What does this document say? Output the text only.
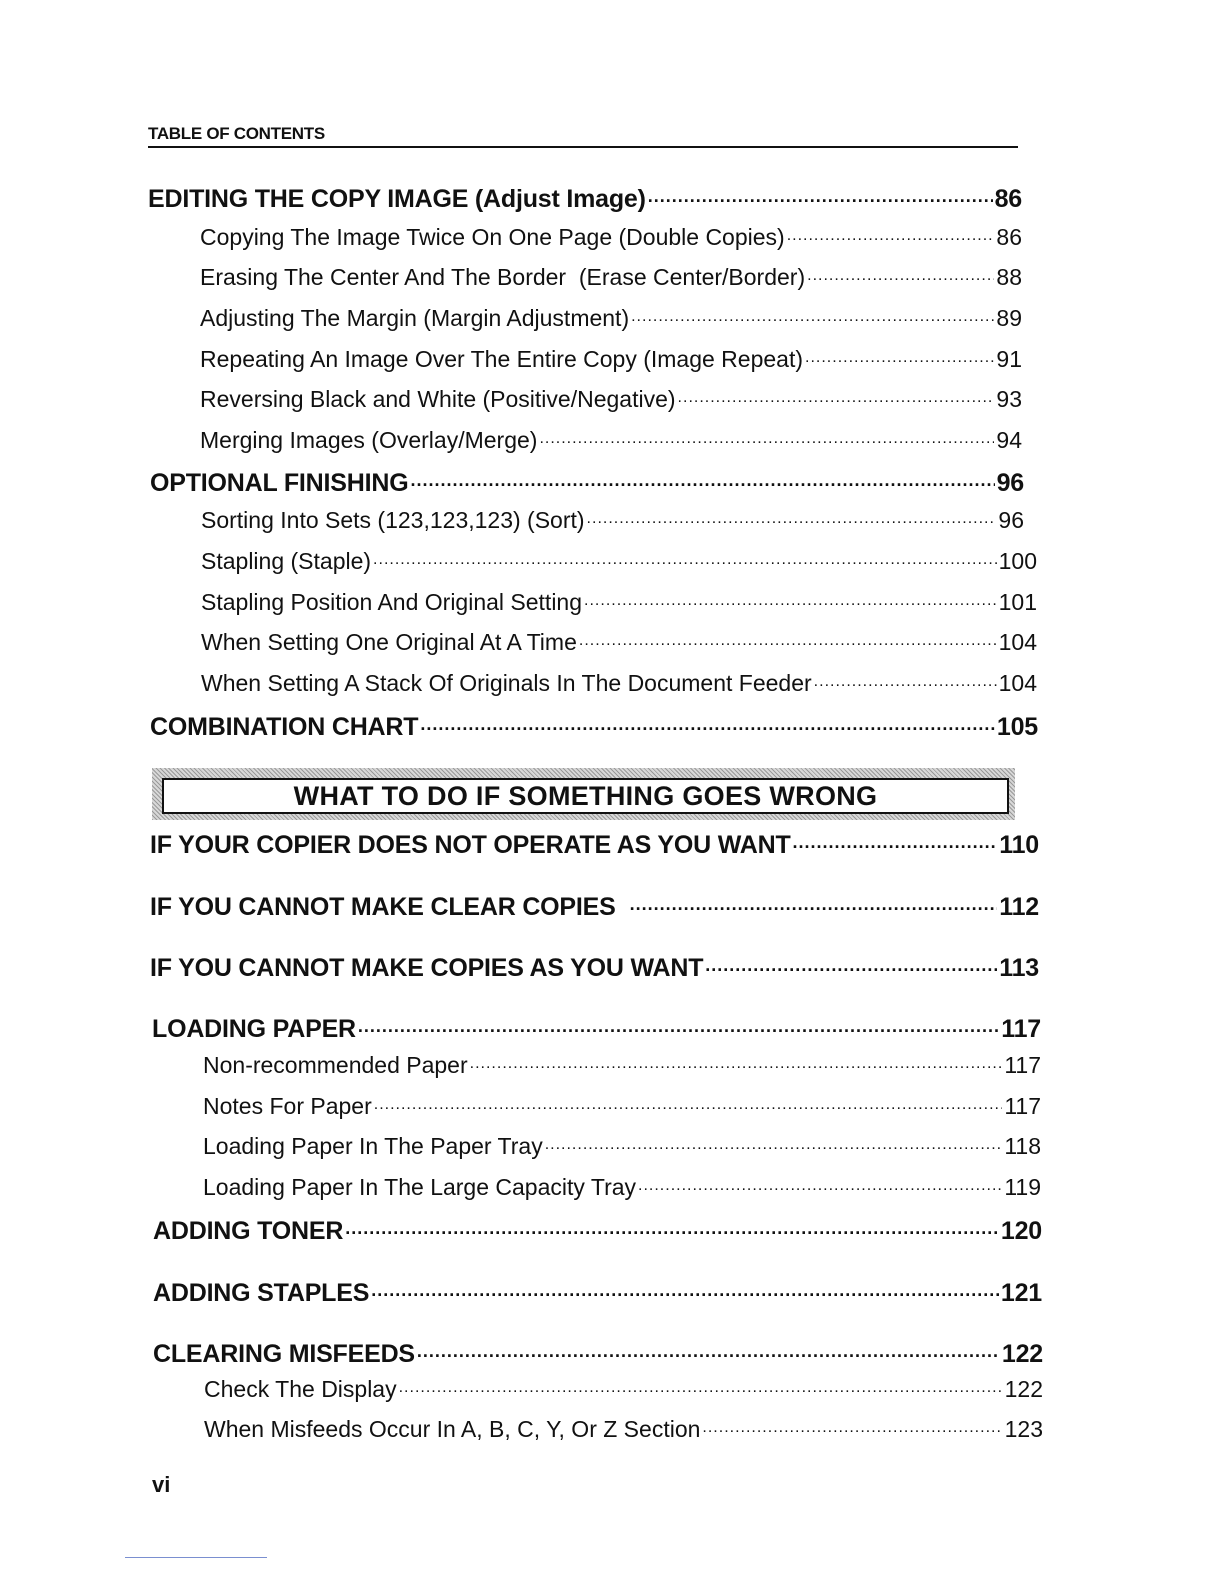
TABLE OF CONTENTS
EDITING THE COPY IMAGE (Adjust Image) .....	86
Copying The Image Twice On One Page (Double Copies) .....	86
Erasing The Center And The Border  (Erase Center/Border) .....	88
Adjusting The Margin (Margin Adjustment) .....	89
Repeating An Image Over The Entire Copy (Image Repeat) .....	91
Reversing Black and White (Positive/Negative) .....	93
Merging Images (Overlay/Merge) .....	94
OPTIONAL FINISHING .....	96
Sorting Into Sets (123,123,123) (Sort) .....	96
Stapling (Staple) .....	100
Stapling Position And Original Setting .....	101
When Setting One Original At A Time .....	104
When Setting A Stack Of Originals In The Document Feeder .....	104
COMBINATION CHART .....	105
WHAT TO DO IF SOMETHING GOES WRONG
IF YOUR COPIER DOES NOT OPERATE AS YOU WANT .....	110
IF YOU CANNOT MAKE CLEAR COPIES .....	112
IF YOU CANNOT MAKE COPIES AS YOU WANT .....	113
LOADING PAPER .....	117
Non-recommended Paper .....	117
Notes For Paper .....	117
Loading Paper In The Paper Tray .....	118
Loading Paper In The Large Capacity Tray .....	119
ADDING TONER .....	120
ADDING STAPLES .....	121
CLEARING MISFEEDS .....	122
Check The Display .....	122
When Misfeeds Occur In A, B, C, Y, Or Z Section .....	123
vi
